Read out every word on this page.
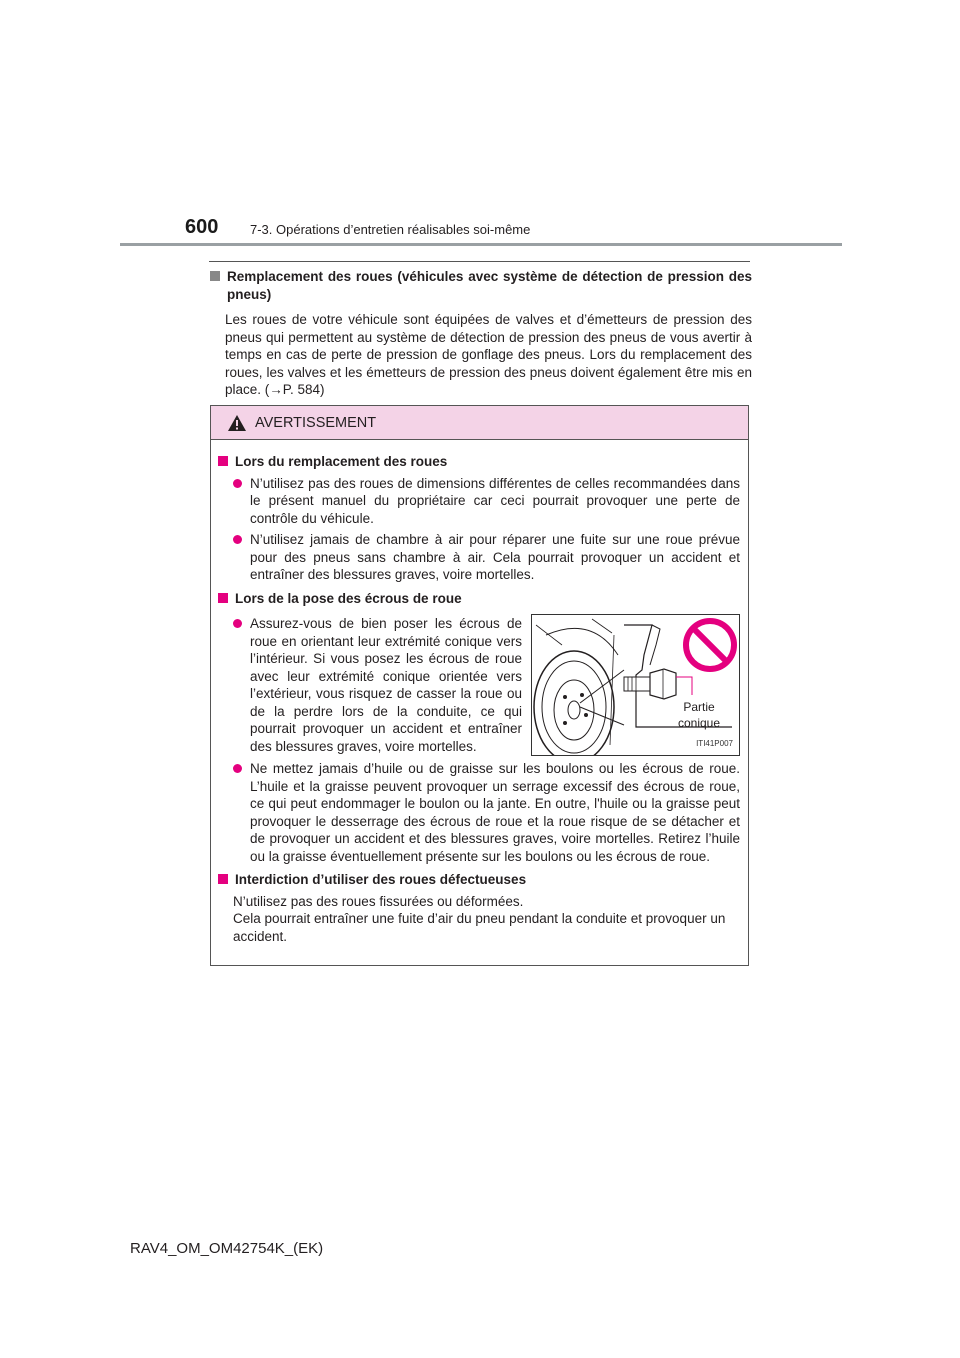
600 7-3. Opérations d’entretien réalisables soi-même
Remplacement des roues (véhicules avec système de détection de pression des pneus)
Les roues de votre véhicule sont équipées de valves et d’émetteurs de pression des pneus qui permettent au système de détection de pression des pneus de vous avertir à temps en cas de perte de pression de gonflage des pneus. Lors du remplacement des roues, les valves et les émetteurs de pression des pneus doivent également être mis en place. (→P. 584)
AVERTISSEMENT
Lors du remplacement des roues
N’utilisez pas des roues de dimensions différentes de celles recommandées dans le présent manuel du propriétaire car ceci pourrait provoquer une perte de contrôle du véhicule.
N’utilisez jamais de chambre à air pour réparer une fuite sur une roue prévue pour des pneus sans chambre à air. Cela pourrait provoquer un accident et entraîner des blessures graves, voire mortelles.
Lors de la pose des écrous de roue
Assurez-vous de bien poser les écrous de roue en orientant leur extrémité conique vers l’intérieur. Si vous posez les écrous de roue avec leur extrémité conique orientée vers l’extérieur, vous risquez de casser la roue ou de la perdre lors de la conduite, ce qui pourrait provoquer un accident et entraîner des blessures graves, voire mortelles.
Partie
conique
ITI41P007
Ne mettez jamais d’huile ou de graisse sur les boulons ou les écrous de roue. L’huile et la graisse peuvent provoquer un serrage excessif des écrous de roue, ce qui peut endommager le boulon ou la jante. En outre, l'huile ou la graisse peut provoquer le desserrage des écrous de roue et la roue risque de se détacher et de provoquer un accident et des blessures graves, voire mortelles. Retirez l’huile ou la graisse éventuellement présente sur les boulons ou les écrous de roue.
Interdiction d’utiliser des roues défectueuses
N’utilisez pas des roues fissurées ou déformées.
Cela pourrait entraîner une fuite d’air du pneu pendant la conduite et provoquer un accident.
RAV4_OM_OM42754K_(EK)
